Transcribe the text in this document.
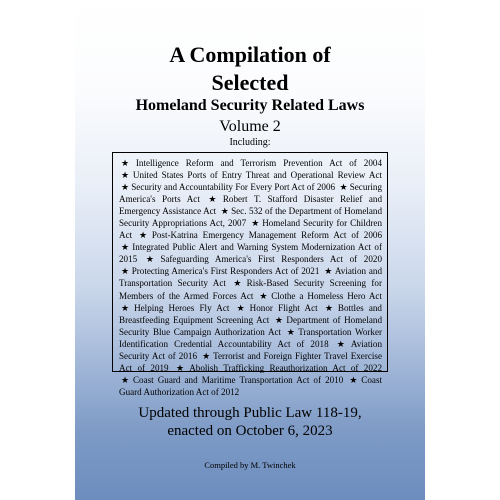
A Compilation of
Selected
Homeland Security Related Laws
Volume 2
Including:
★ Intelligence Reform and Terrorism Prevention Act of 2004 ★ United States Ports of Entry Threat and Operational Review Act ★ Security and Accountability For Every Port Act of 2006 ★ Securing America's Ports Act ★ Robert T. Stafford Disaster Relief and Emergency Assistance Act ★ Sec. 532 of the Department of Homeland Security Appropriations Act, 2007 ★ Homeland Security for Children Act ★ Post-Katrina Emergency Management Reform Act of 2006 ★ Integrated Public Alert and Warning System Modernization Act of 2015 ★ Safeguarding America's First Responders Act of 2020 ★ Protecting America's First Responders Act of 2021 ★ Aviation and Transportation Security Act ★ Risk-Based Security Screening for Members of the Armed Forces Act ★ Clothe a Homeless Hero Act ★ Helping Heroes Fly Act ★ Honor Flight Act ★ Bottles and Breastfeeding Equipment Screening Act ★ Department of Homeland Security Blue Campaign Authorization Act ★ Transportation Worker Identification Credential Accountability Act of 2018 ★ Aviation Security Act of 2016 ★ Terrorist and Foreign Fighter Travel Exercise Act of 2019 ★ Abolish Trafficking Reauthorization Act of 2022 ★ Coast Guard and Maritime Transportation Act of 2010 ★ Coast Guard Authorization Act of 2012
Updated through Public Law 118-19,
enacted on October 6, 2023
Compiled by M. Twinchek
